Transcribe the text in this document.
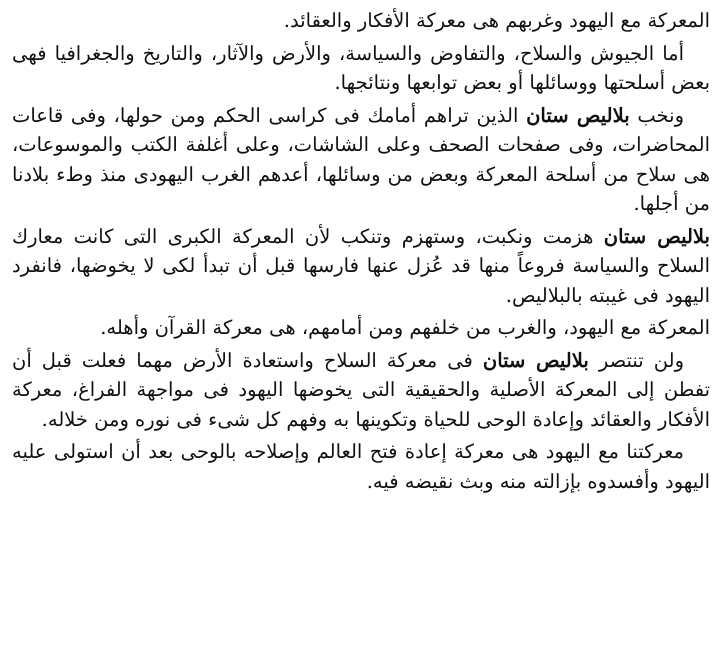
المعركة مع اليهود وغربهم هى معركة الأفكار والعقائد.

أما الجيوش والسلاح، والتفاوض والسياسة، والأرض والآثار، والتاريخ والجغرافيا فهى بعض أسلحتها ووسائلها أو بعض توابعها ونتائجها.

ونخب بلاليص ستان الذين تراهم أمامك فى كراسى الحكم ومن حولها، وفى قاعات المحاضرات، وفى صفحات الصحف وعلى الشاشات، وعلى أغلفة الكتب والموسوعات، هى سلاح من أسلحة المعركة وبعض من وسائلها، أعدهم الغرب اليهودى منذ وطء بلادنا من أجلها.

بلاليص ستان هزمت ونكبت، وستهزم وتنكب لأن المعركة الكبرى التى كانت معارك السلاح والسياسة فروعاً منها قد عُزل عنها فارسها قبل أن تبدأ لكى لا يخوضها، فانفرد اليهود فى غيبته بالبلاليص.

المعركة مع اليهود، والغرب من خلفهم ومن أمامهم، هى معركة القرآن وأهله.

ولن تنتصر بلاليص ستان فى معركة السلاح واستعادة الأرض مهما فعلت قبل أن تفطن إلى المعركة الأصلية والحقيقية التى يخوضها اليهود فى مواجهة الفراغ، معركة الأفكار والعقائد وإعادة الوحى للحياة وتكوينها به وفهم كل شىء فى نوره ومن خلاله.

معركتنا مع اليهود هى معركة إعادة فتح العالم وإصلاحه بالوحى بعد أن استولى عليه اليهود وأفسدوه بإزالته منه وبث نقيضه فيه.
